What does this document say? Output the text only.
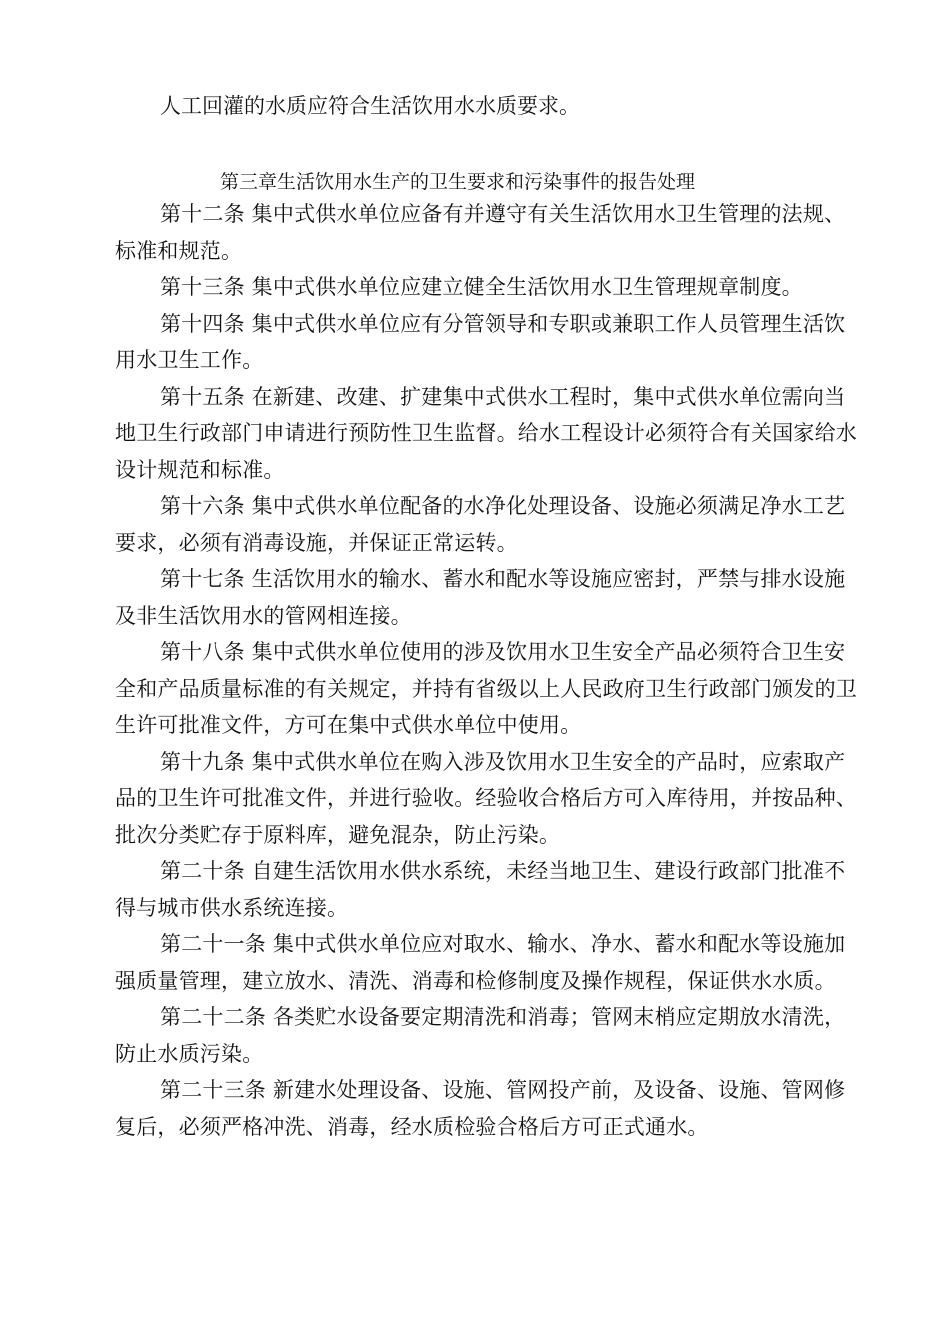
人工回灌的水质应符合生活饮用水水质要求。
第三章生活饮用水生产的卫生要求和污染事件的报告处理

第十二条 集中式供水单位应备有并遵守有关生活饮用水卫生管理的法规、标准和规范。

第十三条 集中式供水单位应建立健全生活饮用水卫生管理规章制度。

第十四条 集中式供水单位应有分管领导和专职或兼职工作人员管理生活饮用水卫生工作。

第十五条 在新建、改建、扩建集中式供水工程时，集中式供水单位需向当地卫生行政部门申请进行预防性卫生监督。给水工程设计必须符合有关国家给水设计规范和标准。

第十六条 集中式供水单位配备的水净化处理设备、设施必须满足净水工艺要求，必须有消毒设施，并保证正常运转。

第十七条 生活饮用水的输水、蓄水和配水等设施应密封，严禁与排水设施及非生活饮用水的管网相连接。

第十八条 集中式供水单位使用的涉及饮用水卫生安全产品必须符合卫生安全和产品质量标准的有关规定，并持有省级以上人民政府卫生行政部门颁发的卫生许可批准文件，方可在集中式供水单位中使用。

第十九条 集中式供水单位在购入涉及饮用水卫生安全的产品时，应索取产品的卫生许可批准文件，并进行验收。经验收合格后方可入库待用，并按品种、批次分类贮存于原料库，避免混杂，防止污染。

第二十条 自建生活饮用水供水系统，未经当地卫生、建设行政部门批准不得与城市供水系统连接。

第二十一条 集中式供水单位应对取水、输水、净水、蓄水和配水等设施加强质量管理，建立放水、清洗、消毒和检修制度及操作规程，保证供水水质。

第二十二条 各类贮水设备要定期清洗和消毒；管网末梢应定期放水清洗，防止水质污染。

第二十三条 新建水处理设备、设施、管网投产前，及设备、设施、管网修复后，必须严格冲洗、消毒，经水质检验合格后方可正式通水。
